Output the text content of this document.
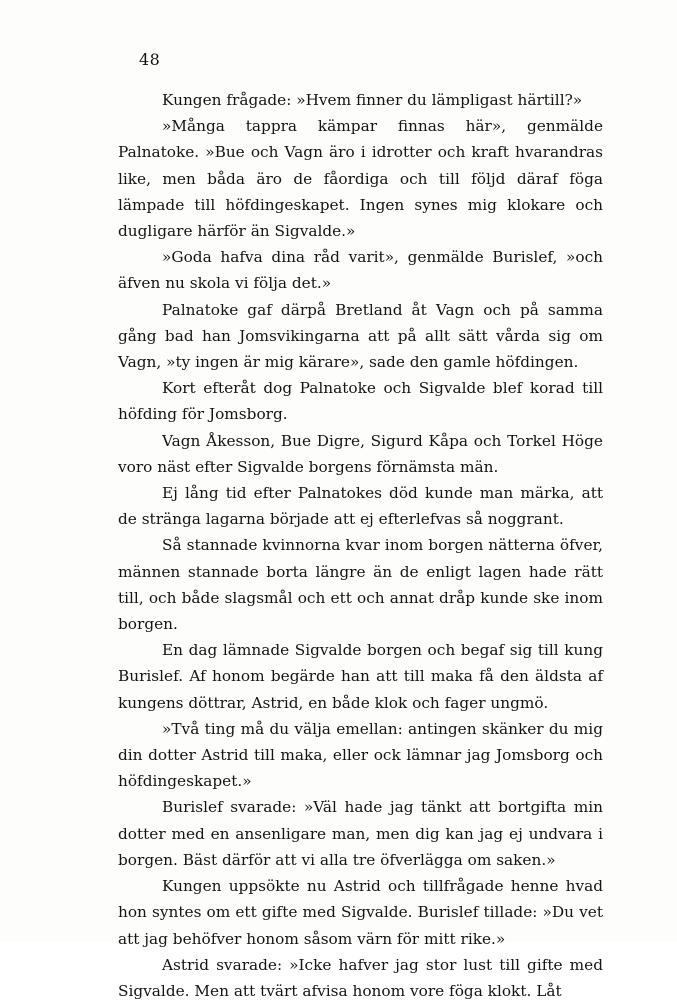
48

Kungen frågade: »Hvem finner du lämpligast härtill?»

»Många tappra kämpar finnas här», genmälde Palnatoke. »Bue och Vagn äro i idrotter och kraft hvarandras like, men båda äro de fåordiga och till följd däraf föga lämpade till höfdingeskapet. Ingen synes mig klokare och dugligare härför än Sigvalde.»

»Goda hafva dina råd varit», genmälde Burislef, »och äfven nu skola vi följa det.»

Palnatoke gaf därpå Bretland åt Vagn och på samma gång bad han Jomsvikingarna att på allt sätt vårda sig om Vagn, »ty ingen är mig kärare», sade den gamle höfdingen.

Kort efteråt dog Palnatoke och Sigvalde blef korad till höfding för Jomsborg.

Vagn Åkesson, Bue Digre, Sigurd Kåpa och Torkel Höge voro näst efter Sigvalde borgens förnämsta män.

Ej lång tid efter Palnatokes död kunde man märka, att de stränga lagarna började att ej efterlefvas så noggrant.

Så stannade kvinnorna kvar inom borgen nätterna öfver, männen stannade borta längre än de enligt lagen hade rätt till, och både slagsmål och ett och annat dråp kunde ske inom borgen.

En dag lämnade Sigvalde borgen och begaf sig till kung Burislef. Af honom begärde han att till maka få den äldsta af kungens döttrar, Astrid, en både klok och fager ungmö.

»Två ting må du välja emellan: antingen skänker du mig din dotter Astrid till maka, eller ock lämnar jag Jomsborg och höfdingeskapet.»

Burislef svarade: »Väl hade jag tänkt att bortgifta min dotter med en ansenligare man, men dig kan jag ej undvara i borgen. Bäst därför att vi alla tre öfverlägga om saken.»

Kungen uppsökte nu Astrid och tillfrågade henne hvad hon syntes om ett gifte med Sigvalde. Burislef tillade: »Du vet att jag behöfver honom såsom värn för mitt rike.»

Astrid svarade: »Icke hafver jag stor lust till gifte med Sigvalde. Men att tvärt afvisa honom vore föga klokt. Låt
